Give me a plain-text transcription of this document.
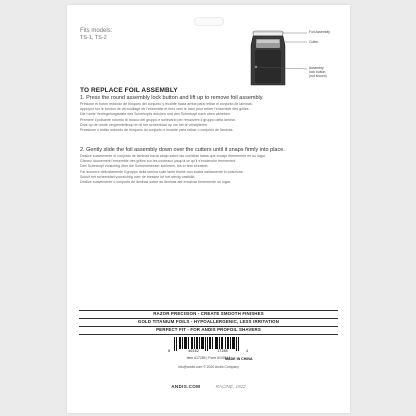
Fits models:
TS-1, TS-2
Foil Assembly
Cutter
Assembly
lock button
(not shown)
TO REPLACE FOIL ASSEMBLY
1. Press the round assembly lock button and lift up to remove foil assembly.
Presione el botón redondo de bloqueo del conjunto y levante hacia arriba para retirar el conjunto de láminas.
Appuyez sur le bouton de verrouillage de l'ensemble et tirez vers le haut pour retirer l'ensemble des grilles.
Die runde Verriegelungstaste des Scherkopfs drücken und den Scherkopf nach oben abheben.
Premere il pulsante rotondo di blocco del gruppo e sollevarlo per rimuovere il gruppo della lamina.
Druk op de ronde vergrendelknop en til het scheerblad op om het te verwijderen.
Pressione o botão redondo de bloqueio do conjunto e levante para retirar o conjunto de lâminas.
2. Gently slide the foil assembly down over the cutters until it snaps firmly into place.
Deslice suavemente el conjunto de láminas hacia abajo sobre las cuchillas hasta que encaje firmemente en su lugar.
Glissez doucement l'ensemble des grilles sur les couteaux jusqu'à ce qu'il s'enclenche fermement.
Den Scherkopf vorsichtig über die Schneidmesser schieben, bis er fest einrastet.
Far scorrere delicatamente il gruppo della lamina sulle lame finché non scatta saldamente in posizione.
Schuif het scheerblad voorzichtig over de messen tot het stevig vastklikt.
Deslize suavemente o conjunto de lâminas sobre as lâminas até encaixar firmemente no lugar.
RAZOR PRECISION - CREATE SMOOTH FINISHES
GOLD TITANIUM FOILS - HYPOALLERGENIC, LESS IRRITATION
PERFECT FIT - FOR ANDIS PROFOIL SHAVERS
0	40102	17285	4
Item #17285 | Form #100916
MADE IN CHINA
info@andis.com © 2020 Andis Company
ANDIS.COM	RACINE, 1922
